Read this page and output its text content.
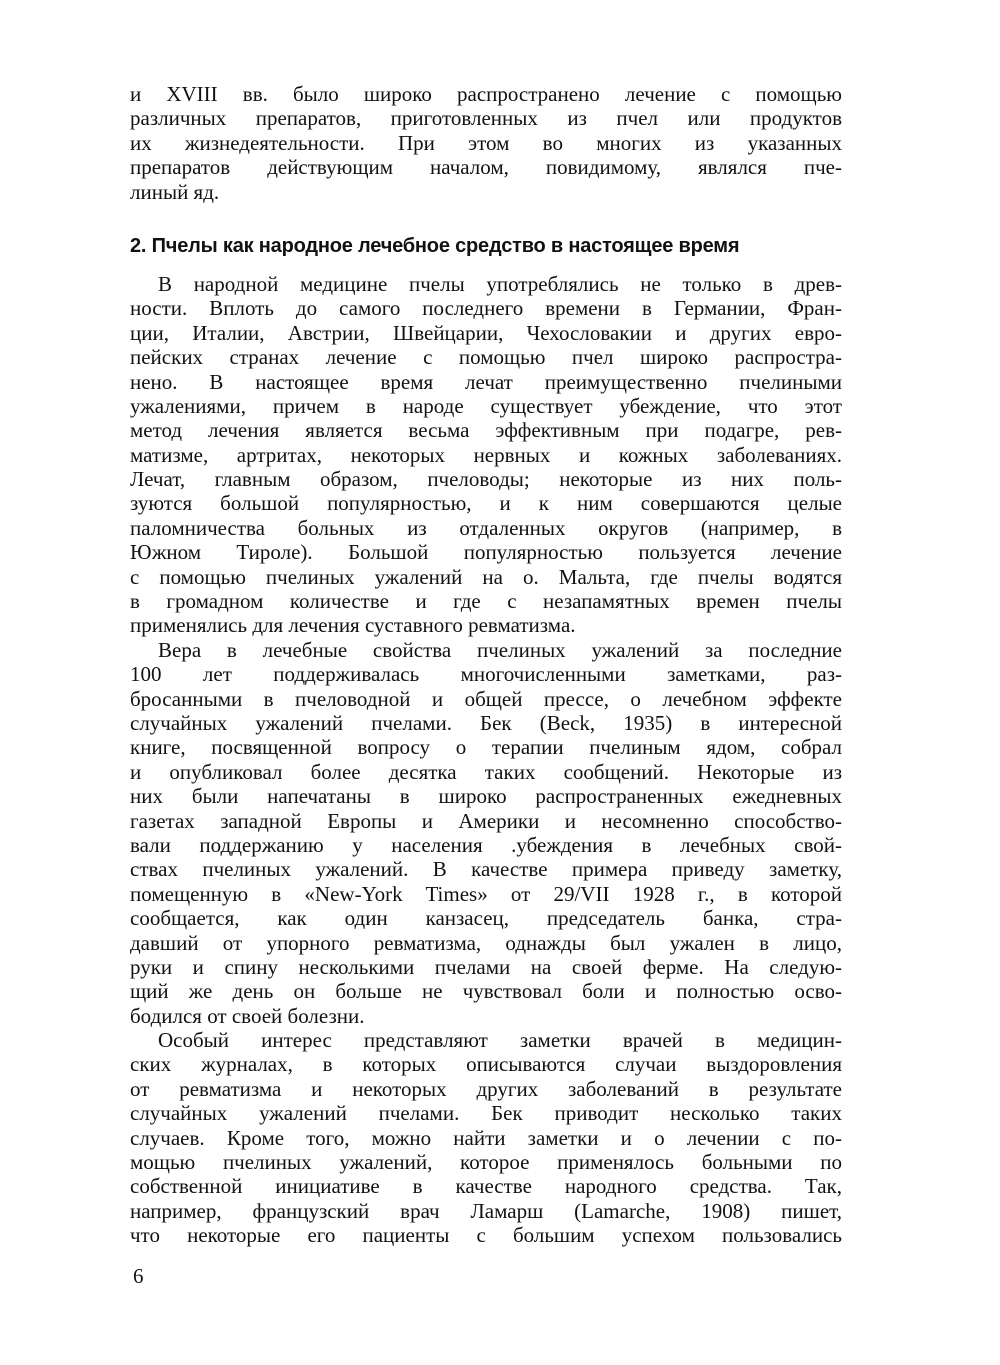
и XVIII вв. было широко распространено лечение с помощью
различных препаратов, приготовленных из пчел или продуктов
их жизнедеятельности. При этом во многих из указанных
препаратов действующим началом, повидимому, являлся пче-
линый яд.
2. Пчелы как народное лечебное средство в настоящее время
В народной медицине пчелы употреблялись не только в древ-
ности. Вплоть до самого последнего времени в Германии, Фран-
ции, Италии, Австрии, Швейцарии, Чехословакии и других евро-
пейских странах лечение с помощью пчел широко распростра-
нено. В настоящее время лечат преимущественно пчелиными
ужалениями, причем в народе существует убеждение, что этот
метод лечения является весьма эффективным при подагре, рев-
матизме, артритах, некоторых нервных и кожных заболеваниях.
Лечат, главным образом, пчеловоды; некоторые из них поль-
зуются большой популярностью, и к ним совершаются целые
паломничества больных из отдаленных округов (например, в
Южном Тироле). Большой популярностью пользуется лечение
с помощью пчелиных ужалений на о. Мальта, где пчелы водятся
в громадном количестве и где с незапамятных времен пчелы
применялись для лечения суставного ревматизма.
Вера в лечебные свойства пчелиных ужалений за последние
100 лет поддерживалась многочисленными заметками, раз-
бросанными в пчеловодной и общей прессе, о лечебном эффекте
случайных ужалений пчелами. Бек (Beck, 1935) в интересной
книге, посвященной вопросу о терапии пчелиным ядом, собрал
и опубликовал более десятка таких сообщений. Некоторые из
них были напечатаны в широко распространенных ежедневных
газетах западной Европы и Америки и несомненно способство-
вали поддержанию у населения .убеждения в лечебных свой-
ствах пчелиных ужалений. В качестве примера приведу заметку,
помещенную в «New-York Times» от 29/VII 1928 г., в которой
сообщается, как один канзасец, председатель банка, стра-
давший от упорного ревматизма, однажды был ужален в лицо,
руки и спину несколькими пчелами на своей ферме. На следую-
щий же день он больше не чувствовал боли и полностью осво-
бодился от своей болезни.
Особый интерес представляют заметки врачей в медицин-
ских журналах, в которых описываются случаи выздоровления
от ревматизма и некоторых других заболеваний в результате
случайных ужалений пчелами. Бек приводит несколько таких
случаев. Кроме того, можно найти заметки и о лечении с по-
мощью пчелиных ужалений, которое применялось больными по
собственной инициативе в качестве народного средства. Так,
например, французский врач Ламарш (Lamarche, 1908) пишет,
что некоторые его пациенты с большим успехом пользовались
6
